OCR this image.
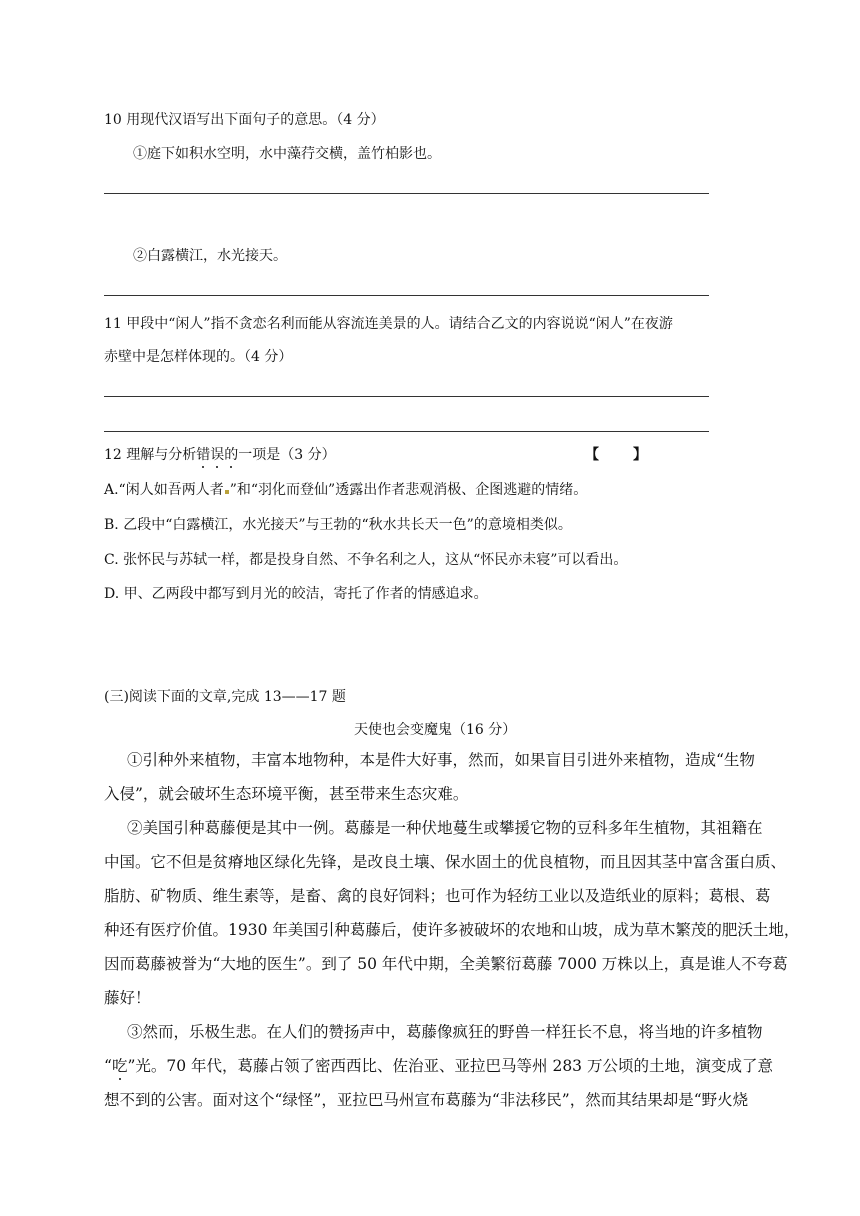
10 用现代汉语写出下面句子的意思。（4 分）
①庭下如积水空明，水中藻荇交横，盖竹柏影也。
②白露横江，水光接天。
11 甲段中“闲人”指不贪恋名利而能从容流连美景的人。请结合乙文的内容说说“闲人”在夜游
赤壁中是怎样体现的。（4 分）
12 理解与分析错
误
的
一项是（3 分）	【 】
A.“闲人如吾两人者 ”和“羽化而登仙”透露出作者悲观消极、企图逃避的情绪。
B. 乙段中“白露横江，水光接天”与王勃的“秋水共长天一色”的意境相类似。
C. 张怀民与苏轼一样，都是投身自然、不争名利之人，这从“怀民亦未寝”可以看出。
D. 甲、乙两段中都写到月光的皎洁，寄托了作者的情感追求。
(三)阅读下面的文章,完成 13——17 题
天使也会变魔鬼（16 分）
①引种外来植物，丰富本地物种，本是件大好事，然而，如果盲目引进外来植物，造成“生物
入侵”，就会破坏生态环境平衡，甚至带来生态灾难。
②美国引种葛藤便是其中一例。葛藤是一种伏地蔓生或攀援它物的豆科多年生植物，其祖籍在
中国。它不但是贫瘠地区绿化先锋，是改良土壤、保水固土的优良植物，而且因其茎中富含蛋白质、
脂肪、矿物质、维生素等，是畜、禽的良好饲料；也可作为轻纺工业以及造纸业的原料；葛根、葛
种还有医疗价值。1930 年美国引种葛藤后，使许多被破坏的农地和山坡，成为草木繁茂的肥沃土地，
因而葛藤被誉为“大地的医生”。到了 50 年代中期，全美繁衍葛藤 7000 万株以上，真是谁人不夸葛
藤好！
③然而，乐极生悲。在人们的赞扬声中，葛藤像疯狂的野兽一样狂长不息，将当地的许多植物
“吃
”光。70 年代，葛藤占领了密西西比、佐治亚、亚拉巴马等州 283 万公顷的土地，演变成了意
想不到的公害。面对这个“绿怪”，亚拉巴马州宣布葛藤为“非法移民”，然而其结果却是“野火烧
